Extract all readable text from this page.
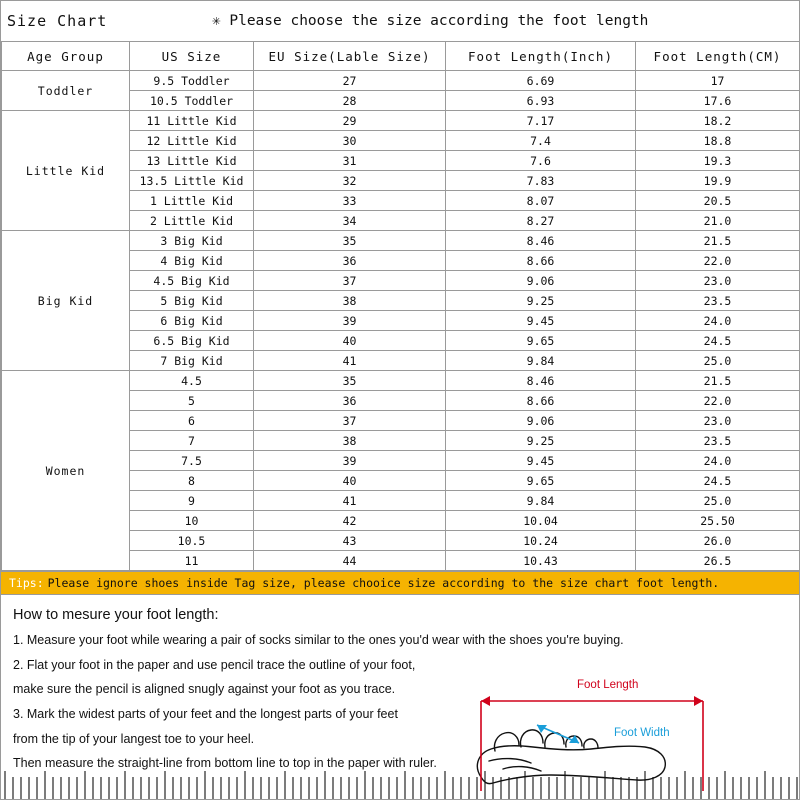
Size Chart	✳ Please choose the size according the foot length
Age Group	US Size	EU Size(Lable Size)	Foot Length(Inch)	Foot Length(CM)
Toddler	9.5 Toddler	27	6.69	17
	10.5 Toddler	28	6.93	17.6
Little Kid	11 Little Kid	29	7.17	18.2
	12 Little Kid	30	7.4	18.8
	13 Little Kid	31	7.6	19.3
	13.5 Little Kid	32	7.83	19.9
	1 Little Kid	33	8.07	20.5
	2 Little Kid	34	8.27	21.0
Big Kid	3 Big Kid	35	8.46	21.5
	4 Big Kid	36	8.66	22.0
	4.5 Big Kid	37	9.06	23.0
	5 Big Kid	38	9.25	23.5
	6 Big Kid	39	9.45	24.0
	6.5 Big Kid	40	9.65	24.5
	7 Big Kid	41	9.84	25.0
Women	4.5	35	8.46	21.5
	5	36	8.66	22.0
	6	37	9.06	23.0
	7	38	9.25	23.5
	7.5	39	9.45	24.0
	8	40	9.65	24.5
	9	41	9.84	25.0
	10	42	10.04	25.50
	10.5	43	10.24	26.0
	11	44	10.43	26.5
Tips: Please ignore shoes inside Tag size, please chooice size according to the size chart foot length.
How to mesure your foot length:

1. Measure your foot while wearing a pair of socks similar to the ones you'd wear with the shoes you're buying.

2. Flat your foot in the paper and use pencil trace the outline of your foot,

make sure the pencil is aligned snugly against your foot as you trace.

3. Mark the widest parts of your feet and the longest parts of your feet

from the tip of your langest toe to your heel.

Then measure the straight-line from bottom line to top in the paper with ruler.

Foot Length
Foot Width
